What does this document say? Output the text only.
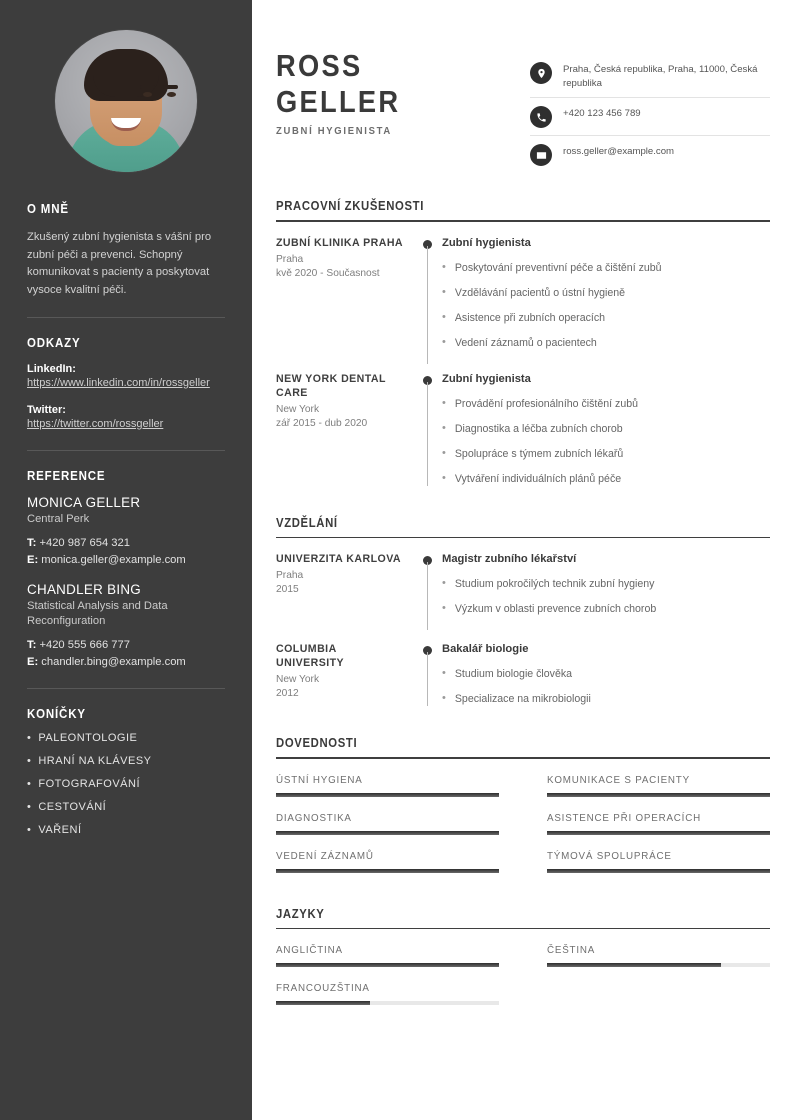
O MNĚ
Zkušený zubní hygienista s vášní pro zubní péči a prevenci. Schopný komunikovat s pacienty a poskytovat vysoce kvalitní péči.
ODKAZY
LinkedIn:
https://www.linkedin.com/in/rossgeller
Twitter:
https://twitter.com/rossgeller
REFERENCE
MONICA GELLER
Central Perk
T: +420 987 654 321
E: monica.geller@example.com
CHANDLER BING
Statistical Analysis and Data Reconfiguration
T: +420 555 666 777
E: chandler.bing@example.com
KONÍČKY
• PALEONTOLOGIE
• HRANÍ NA KLÁVESY
• FOTOGRAFOVÁNÍ
• CESTOVÁNÍ
• VAŘENÍ
ROSS
GELLER
ZUBNÍ HYGIENISTA
Praha, Česká republika, Praha, 11000, Česká republika
+420 123 456 789
ross.geller@example.com
PRACOVNÍ ZKUŠENOSTI
ZUBNÍ KLINIKA PRAHA
Praha
kvě 2020 - Současnost
Zubní hygienista
• Poskytování preventivní péče a čištění zubů
• Vzdělávání pacientů o ústní hygieně
• Asistence při zubních operacích
• Vedení záznamů o pacientech
NEW YORK DENTAL CARE
New York
zář 2015 - dub 2020
Zubní hygienista
• Provádění profesionálního čištění zubů
• Diagnostika a léčba zubních chorob
• Spolupráce s týmem zubních lékařů
• Vytváření individuálních plánů péče
VZDĚLÁNÍ
UNIVERZITA KARLOVA
Praha
2015
Magistr zubního lékařství
• Studium pokročilých technik zubní hygieny
• Výzkum v oblasti prevence zubních chorob
COLUMBIA UNIVERSITY
New York
2012
Bakalář biologie
• Studium biologie člověka
• Specializace na mikrobiologii
DOVEDNOSTI
ÚSTNÍ HYGIENA	KOMUNIKACE S PACIENTY
DIAGNOSTIKA	ASISTENCE PŘI OPERACÍCH
VEDENÍ ZÁZNAMŮ	TÝMOVÁ SPOLUPRÁCE
JAZYKY
ANGLIČTINA	ČEŠTINA
FRANCOUZŠTINA
